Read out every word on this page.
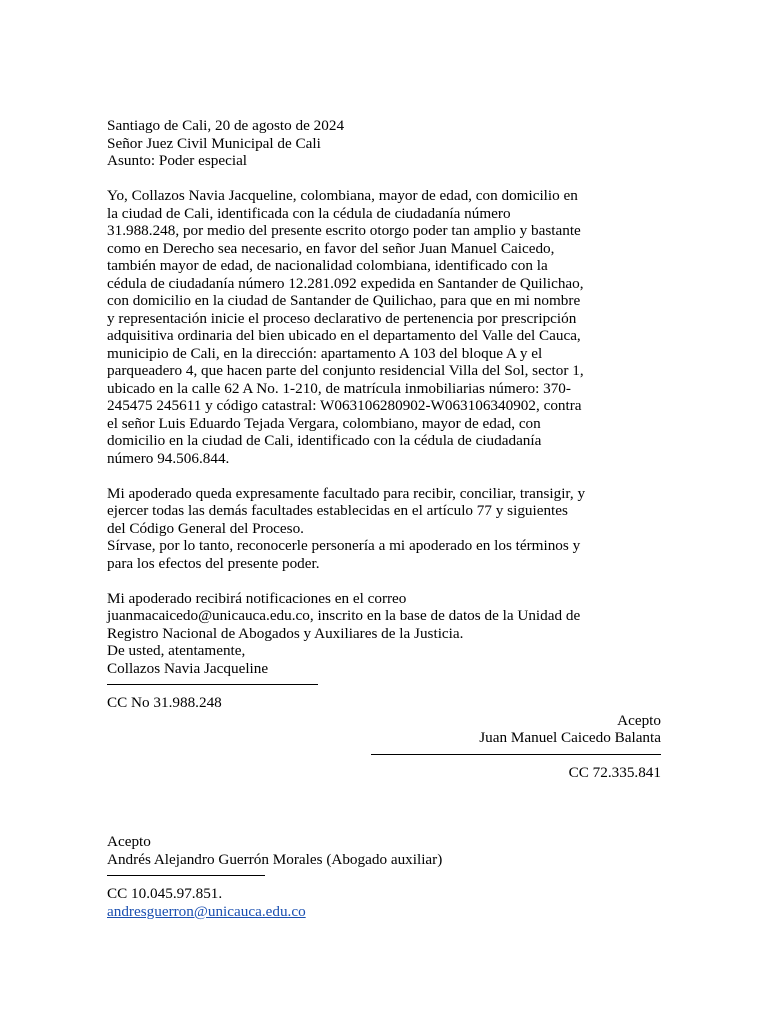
Santiago de Cali, 20 de agosto de 2024
Señor Juez Civil Municipal de Cali
Asunto: Poder especial
Yo, Collazos Navia Jacqueline, colombiana, mayor de edad, con domicilio en
la ciudad de Cali, identificada con la cédula de ciudadanía número
31.988.248, por medio del presente escrito otorgo poder tan amplio y bastante
como en Derecho sea necesario, en favor del señor Juan Manuel Caicedo,
también mayor de edad, de nacionalidad colombiana, identificado con la
cédula de ciudadanía número 12.281.092 expedida en Santander de Quilichao,
con domicilio en la ciudad de Santander de Quilichao, para que en mi nombre
y representación inicie el proceso declarativo de pertenencia por prescripción
adquisitiva ordinaria del bien ubicado en el departamento del Valle del Cauca,
municipio de Cali, en la dirección: apartamento A 103 del bloque A y el
parqueadero 4, que hacen parte del conjunto residencial Villa del Sol, sector 1,
ubicado en la calle 62 A No. 1-210, de matrícula inmobiliarias número: 370-
245475 245611 y código catastral: W063106280902-W063106340902, contra
el señor Luis Eduardo Tejada Vergara, colombiano, mayor de edad, con
domicilio en la ciudad de Cali, identificado con la cédula de ciudadanía
número 94.506.844.
Mi apoderado queda expresamente facultado para recibir, conciliar, transigir, y
ejercer todas las demás facultades establecidas en el artículo 77 y siguientes
del Código General del Proceso.
Sírvase, por lo tanto, reconocerle personería a mi apoderado en los términos y
para los efectos del presente poder.
Mi apoderado recibirá notificaciones en el correo
juanmacaicedo@unicauca.edu.co, inscrito en la base de datos de la Unidad de
Registro Nacional de Abogados y Auxiliares de la Justicia.
De usted, atentamente,
Collazos Navia Jacqueline
CC No 31.988.248
Acepto
Juan Manuel Caicedo Balanta
CC 72.335.841
Acepto
Andrés Alejandro Guerrón Morales (Abogado auxiliar)
CC 10.045.97.851.
andresguerron@unicauca.edu.co
